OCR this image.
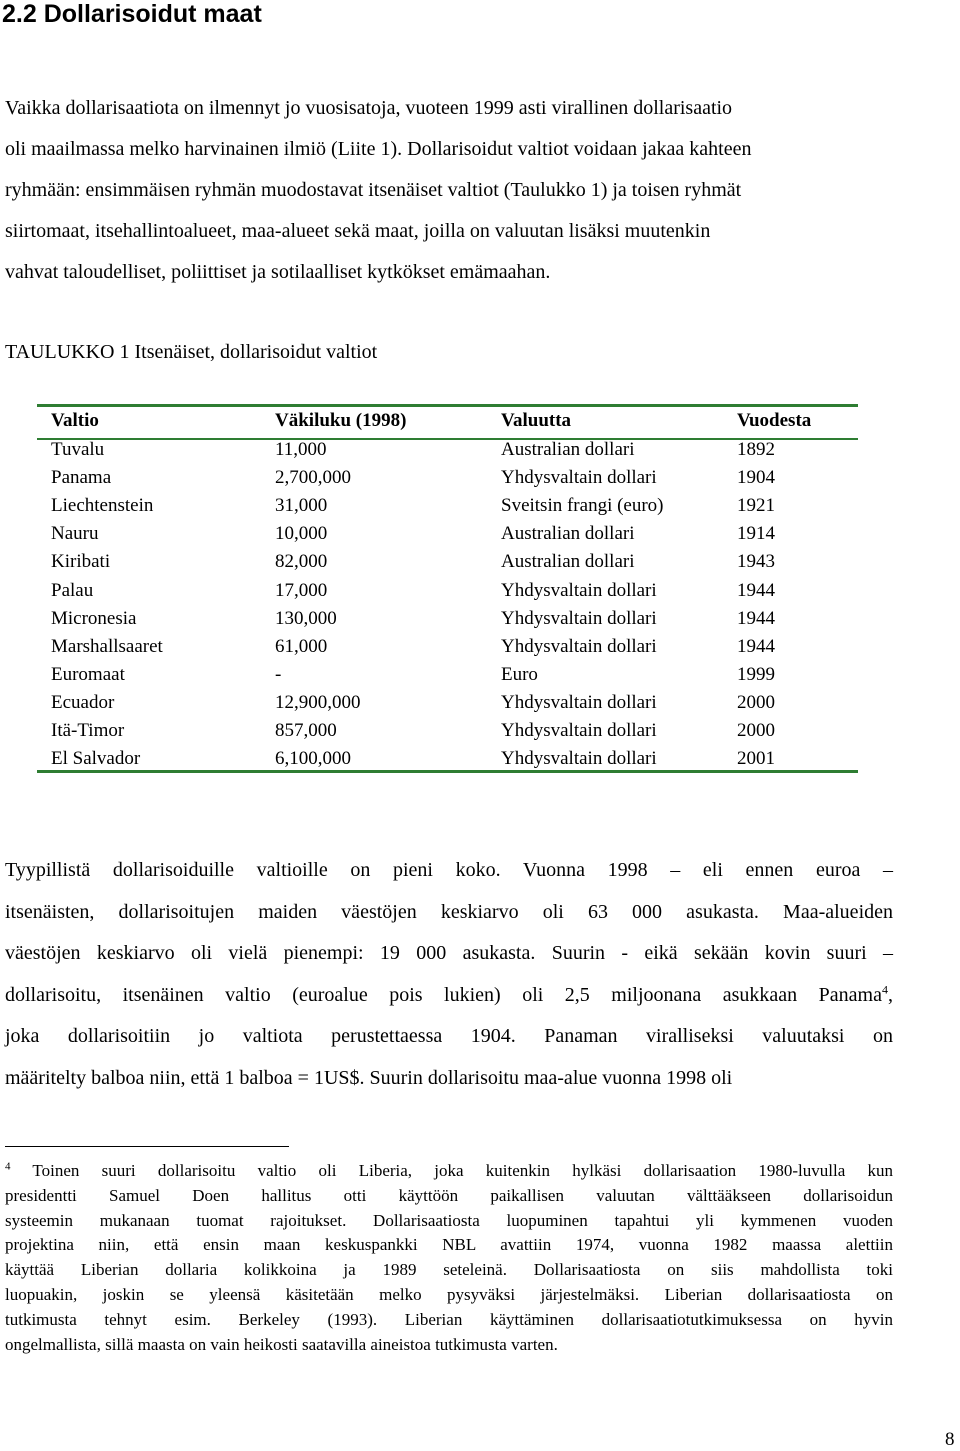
2.2 Dollarisoidut maat
Vaikka dollarisaatiota on ilmennyt jo vuosisatoja, vuoteen 1999 asti virallinen dollarisaatio
oli maailmassa melko harvinainen ilmiö (Liite 1). Dollarisoidut valtiot voidaan jakaa kahteen
ryhmään: ensimmäisen ryhmän muodostavat itsenäiset valtiot (Taulukko 1) ja toisen ryhmät
siirtomaat, itsehallintoalueet, maa-alueet sekä maat, joilla on valuutan lisäksi muutenkin
vahvat taloudelliset, poliittiset ja sotilaalliset kytkökset emämaahan.
TAULUKKO 1 Itsenäiset, dollarisoidut valtiot
Valtio	Väkiluku (1998)	Valuutta	Vuodesta
Tuvalu	11,000	Australian dollari	1892
Panama	2,700,000	Yhdysvaltain dollari	1904
Liechtenstein	31,000	Sveitsin frangi (euro)	1921
Nauru	10,000	Australian dollari	1914
Kiribati	82,000	Australian dollari	1943
Palau	17,000	Yhdysvaltain dollari	1944
Micronesia	130,000	Yhdysvaltain dollari	1944
Marshallsaaret	61,000	Yhdysvaltain dollari	1944
Euromaat	-	Euro	1999
Ecuador	12,900,000	Yhdysvaltain dollari	2000
Itä-Timor	857,000	Yhdysvaltain dollari	2000
El Salvador	6,100,000	Yhdysvaltain dollari	2001
Tyypillistä dollarisoiduille valtioille on pieni koko. Vuonna 1998 – eli ennen euroa –
itsenäisten, dollarisoitujen maiden väestöjen keskiarvo oli 63 000 asukasta. Maa-alueiden
väestöjen keskiarvo oli vielä pienempi: 19 000 asukasta. Suurin - eikä sekään kovin suuri –
dollarisoitu, itsenäinen valtio (euroalue pois lukien) oli 2,5 miljoonana asukkaan Panama$^4$,
joka dollarisoitiin jo valtiota perustettaessa 1904. Panaman viralliseksi valuutaksi on
määritelty balboa niin, että 1 balboa = 1US$. Suurin dollarisoitu maa-alue vuonna 1998 oli
$^4$ Toinen suuri dollarisoitu valtio oli Liberia, joka kuitenkin hylkäsi dollarisaation 1980-luvulla kun
presidentti Samuel Doen hallitus otti käyttöön paikallisen valuutan välttääkseen dollarisoidun
systeemin mukanaan tuomat rajoitukset. Dollarisaatiosta luopuminen tapahtui yli kymmenen vuoden
projektina niin, että ensin maan keskuspankki NBL avattiin 1974, vuonna 1982 maassa alettiin
käyttää Liberian dollaria kolikkoina ja 1989 seteleinä. Dollarisaatiosta on siis mahdollista toki
luopuakin, joskin se yleensä käsitetään melko pysyväksi järjestelmäksi. Liberian dollarisaatiosta on
tutkimusta tehnyt esim. Berkeley (1993). Liberian käyttäminen dollarisaatiotutkimuksessa on hyvin
ongelmallista, sillä maasta on vain heikosti saatavilla aineistoa tutkimusta varten.
8
